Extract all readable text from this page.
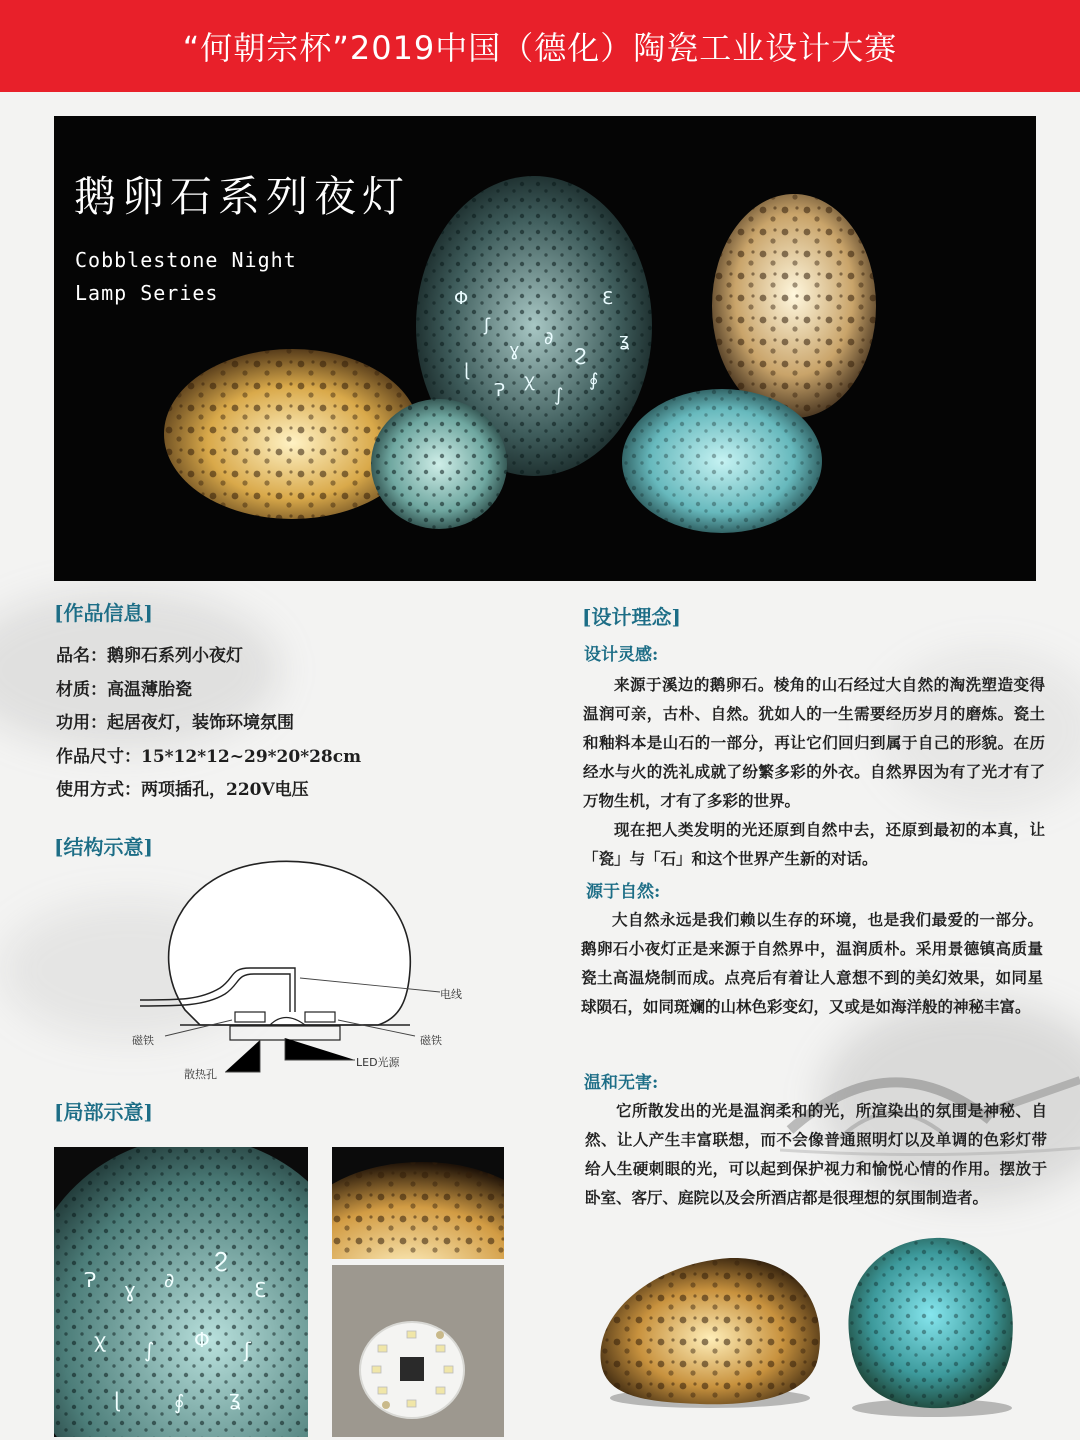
“何朝宗杯”2019中国（德化）陶瓷工业设计大赛
Φ
ʃ
ɣ
∂
Ϩ
Ɛ
ɭ
Ɂ ꭓ
∫
∮
ʓ
鹅卵石系列夜灯
Cobblestone Night
Lamp Series
[作品信息]
品名：鹅卵石系列小夜灯
材质：高温薄胎瓷
功用：起居夜灯，装饰环境氛围
作品尺寸：15*12*12~29*20*28cm
使用方式：两项插孔，220V电压
[结构示意]
电线
磁铁	磁铁
LED光源
散热孔
[局部示意]
Ɂ ɣ ∂
Ϩ
Ɛ
ꭓ ∫ Φ ʃ
ɭ	∮ ʓ
[设计理念]
设计灵感:

来源于溪边的鹅卵石。棱角的山石经过大自然的淘洗塑造变得温润可亲，古朴、自然。犹如人的一生需要经历岁月的磨炼。瓷土和釉料本是山石的一部分，再让它们回归到属于自己的形貌。在历经水与火的洗礼成就了纷繁多彩的外衣。自然界因为有了光才有了万物生机，才有了多彩的世界。

现在把人类发明的光还原到自然中去，还原到最初的本真，让「瓷」与「石」和这个世界产生新的对话。

源于自然:

大自然永远是我们赖以生存的环境，也是我们最爱的一部分。鹅卵石小夜灯正是来源于自然界中，温润质朴。采用景德镇高质量瓷土高温烧制而成。点亮后有着让人意想不到的美幻效果，如同星球陨石，如同斑斓的山林色彩变幻，又或是如海洋般的神秘丰富。

温和无害:

它所散发出的光是温润柔和的光，所渲染出的氛围是神秘、自然、让人产生丰富联想，而不会像普通照明灯以及单调的色彩灯带给人生硬刺眼的光，可以起到保护视力和愉悦心情的作用。摆放于卧室、客厅、庭院以及会所酒店都是很理想的氛围制造者。
